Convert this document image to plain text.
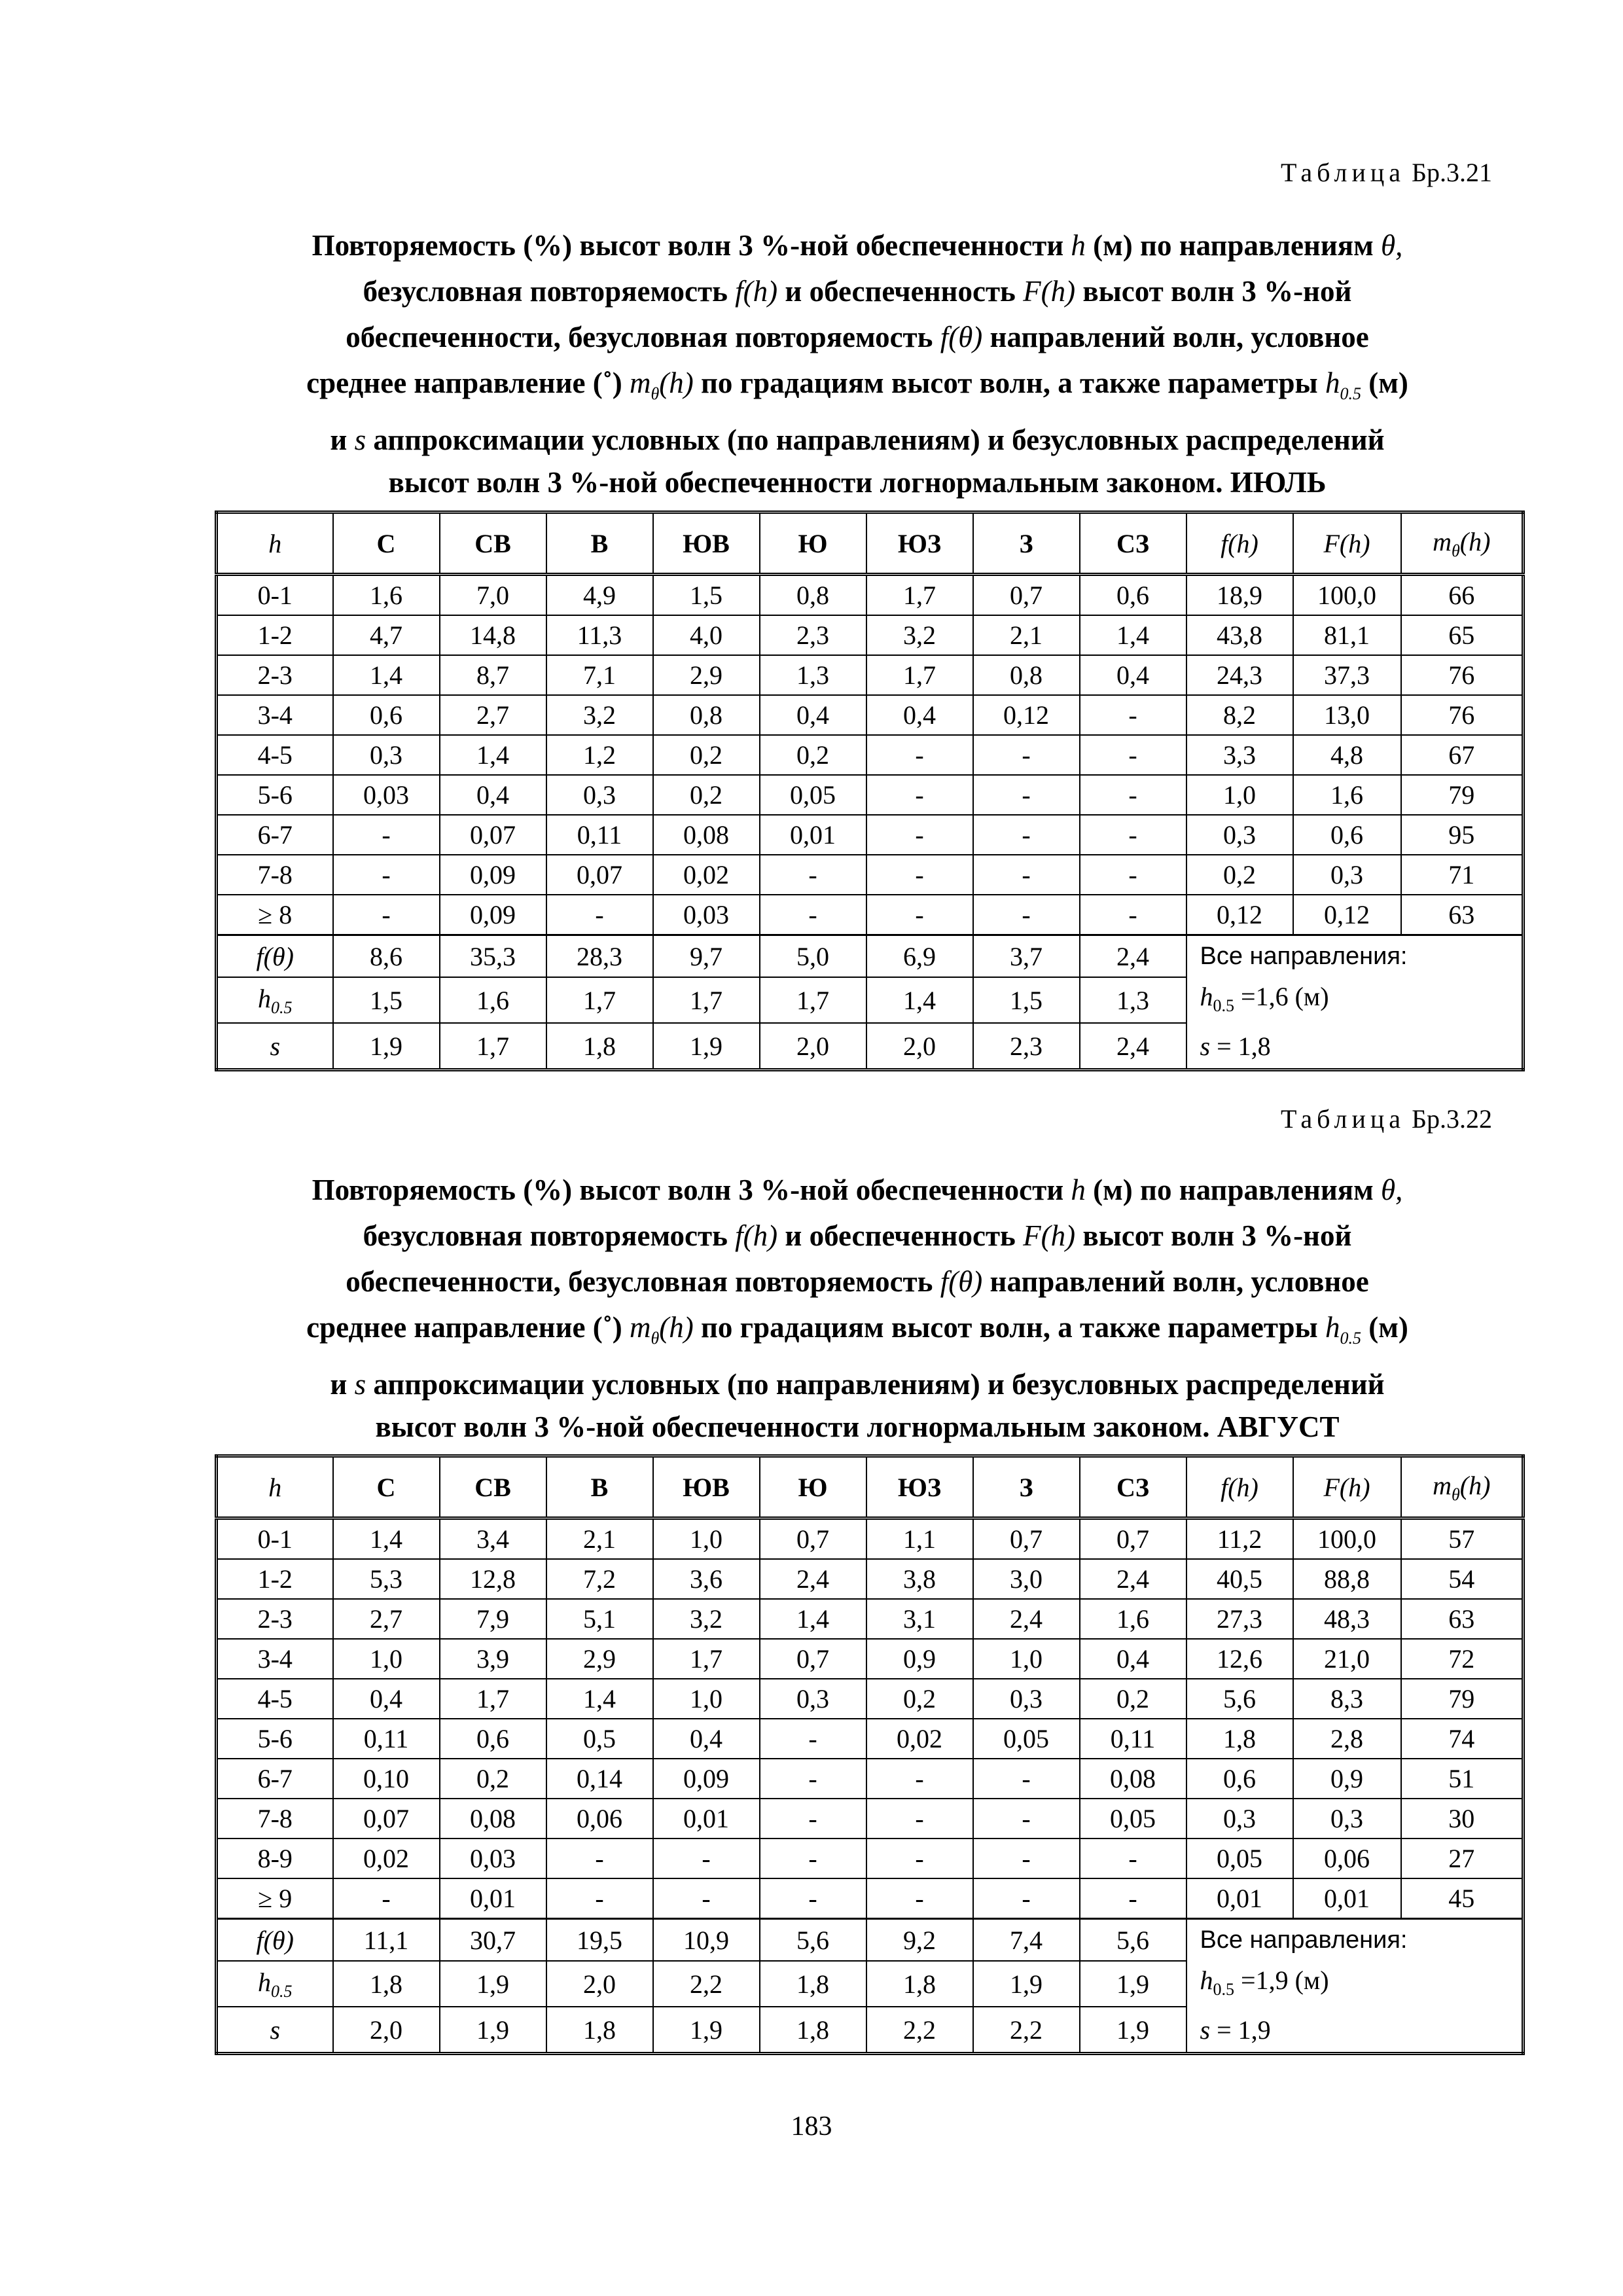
Таблица Бр.3.21
Повторяемость (%) высот волн 3 %-ной обеспеченности h (м) по направлениям θ,
безусловная повторяемость f(h) и обеспеченность F(h) высот волн 3 %-ной
обеспеченности, безусловная повторяемость f(θ) направлений волн, условное
среднее направление (˚) $m_\theta(h)$ по градациям высот волн, а также параметры $h_{0.5}$ (м)
и s аппроксимации условных (по направлениям) и безусловных распределений
высот волн 3 %-ной обеспеченности логнормальным законом. ИЮЛЬ
h	С	СВ	В	ЮВ	Ю	ЮЗ	З	СЗ	f(h)	F(h)	$m_\theta(h)$
0-1	1,6	7,0	4,9	1,5	0,8	1,7	0,7	0,6	18,9	100,0	66
1-2	4,7	14,8	11,3	4,0	2,3	3,2	2,1	1,4	43,8	81,1	65
2-3	1,4	8,7	7,1	2,9	1,3	1,7	0,8	0,4	24,3	37,3	76
3-4	0,6	2,7	3,2	0,8	0,4	0,4	0,12	-	8,2	13,0	76
4-5	0,3	1,4	1,2	0,2	0,2	-	-	-	3,3	4,8	67
5-6	0,03	0,4	0,3	0,2	0,05	-	-	-	1,0	1,6	79
6-7	-	0,07	0,11	0,08	0,01	-	-	-	0,3	0,6	95
7-8	-	0,09	0,07	0,02	-	-	-	-	0,2	0,3	71
≥ 8	-	0,09	-	0,03	-	-	-	-	0,12	0,12	63
f(θ)	8,6	35,3	28,3	9,7	5,0	6,9	3,7	2,4	Все направления:
$h_{0.5} =1,6$ (м)
s = 1,8		

$h_{0.5}$	1,5	1,6	1,7	1,7	1,7	1,4	1,5	1,3			
s	1,9	1,7	1,8	1,9	2,0	2,0	2,3	2,4			
Таблица Бр.3.22
Повторяемость (%) высот волн 3 %-ной обеспеченности h (м) по направлениям θ,
безусловная повторяемость f(h) и обеспеченность F(h) высот волн 3 %-ной
обеспеченности, безусловная повторяемость f(θ) направлений волн, условное
среднее направление (˚) $m_\theta(h)$ по градациям высот волн, а также параметры $h_{0.5}$ (м)
и s аппроксимации условных (по направлениям) и безусловных распределений
высот волн 3 %-ной обеспеченности логнормальным законом. АВГУСТ
h	С	СВ	В	ЮВ	Ю	ЮЗ	З	СЗ	f(h)	F(h)	$m_\theta(h)$
0-1	1,4	3,4	2,1	1,0	0,7	1,1	0,7	0,7	11,2	100,0	57
1-2	5,3	12,8	7,2	3,6	2,4	3,8	3,0	2,4	40,5	88,8	54
2-3	2,7	7,9	5,1	3,2	1,4	3,1	2,4	1,6	27,3	48,3	63
3-4	1,0	3,9	2,9	1,7	0,7	0,9	1,0	0,4	12,6	21,0	72
4-5	0,4	1,7	1,4	1,0	0,3	0,2	0,3	0,2	5,6	8,3	79
5-6	0,11	0,6	0,5	0,4	-	0,02	0,05	0,11	1,8	2,8	74
6-7	0,10	0,2	0,14	0,09	-	-	-	0,08	0,6	0,9	51
7-8	0,07	0,08	0,06	0,01	-	-	-	0,05	0,3	0,3	30
8-9	0,02	0,03	-	-	-	-	-	-	0,05	0,06	27
≥ 9	-	0,01	-	-	-	-	-	-	0,01	0,01	45
f(θ)	11,1	30,7	19,5	10,9	5,6	9,2	7,4	5,6	Все направления:
$h_{0.5} =1,9$ (м)
s = 1,9		

$h_{0.5}$	1,8	1,9	2,0	2,2	1,8	1,8	1,9	1,9			
s	2,0	1,9	1,8	1,9	1,8	2,2	2,2	1,9			
183
